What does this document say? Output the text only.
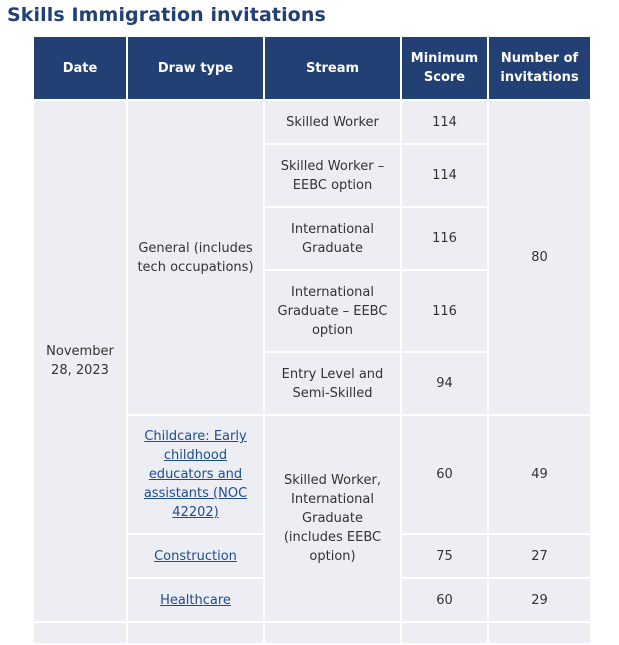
Skills Immigration invitations
Date	Draw type	Stream	Minimum Score	Number of invitations
November 28, 2023	General (includes tech occupations)	Skilled Worker	114	80
		Skilled Worker – EEBC option	114	
		International Graduate	116	
		International Graduate – EEBC option	116	
		Entry Level and Semi-Skilled	94	
	Childcare: Early childhood educators and assistants (NOC 42202)	Skilled Worker, International Graduate (includes EEBC option)	60	49
	Construction		75	27
	Healthcare		60	29
